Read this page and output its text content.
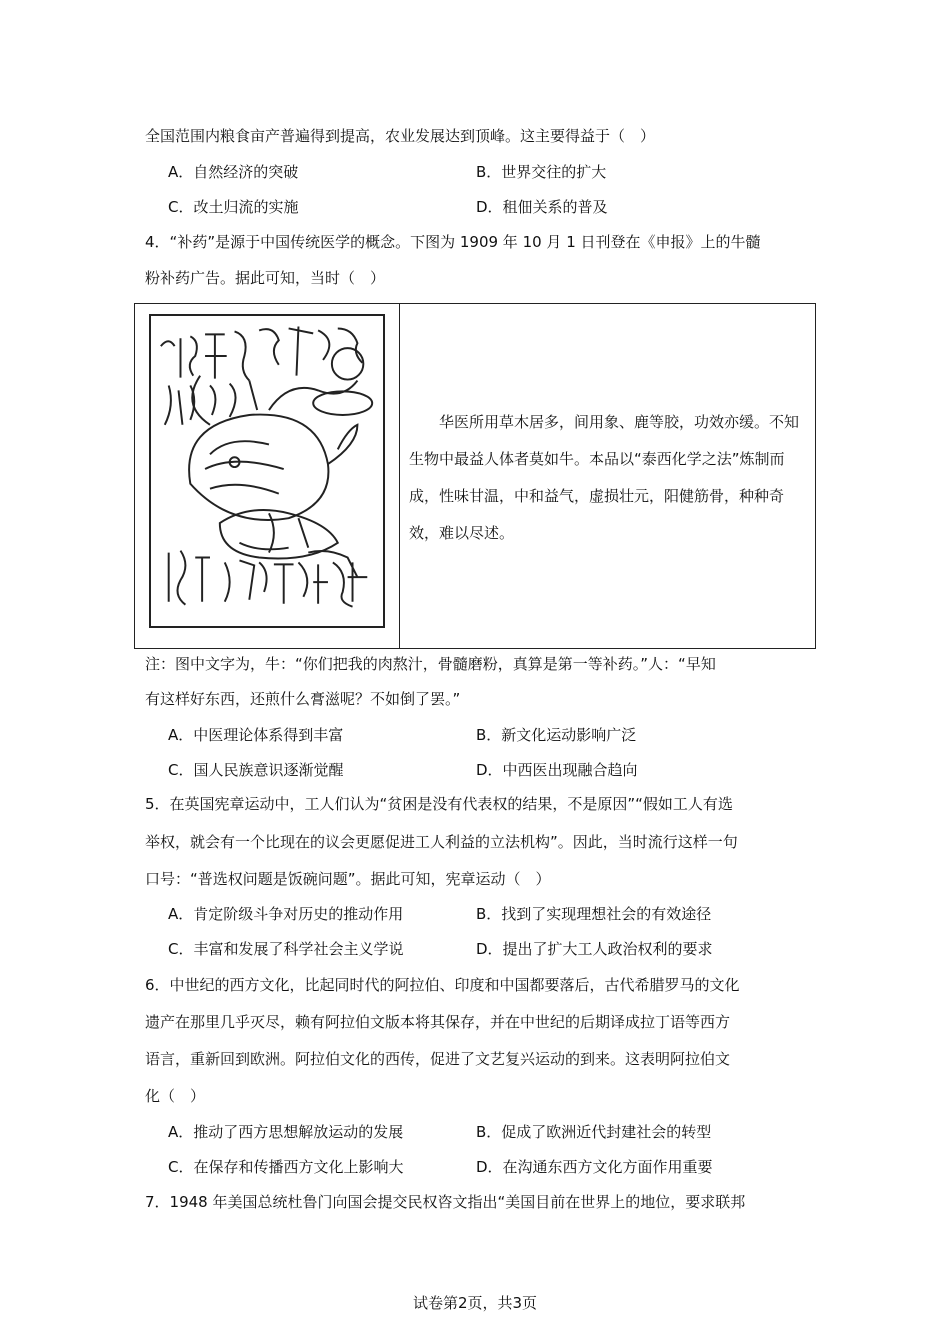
全国范围内粮食亩产普遍得到提高，农业发展达到顶峰。这主要得益于（　）
A．自然经济的突破	B．世界交往的扩大
C．改土归流的实施	D．租佃关系的普及
4．“补药”是源于中国传统医学的概念。下图为 1909 年 10 月 1 日刊登在《申报》上的牛髓
粉补药广告。据此可知，当时（　）

华医所用草木居多，间用象、鹿等胶，功效亦缓。不知生物中最益人体者莫如牛。本品以“泰西化学之法”炼制而成，性味甘温，中和益气，虚损壮元，阳健筋骨，种种奇效，难以尽述。

注：图中文字为，牛：“你们把我的肉熬汁，骨髓磨粉，真算是第一等补药。”人：“早知
有这样好东西，还煎什么膏滋呢？不如倒了罢。”
A．中医理论体系得到丰富	B．新文化运动影响广泛
C．国人民族意识逐渐觉醒	D．中西医出现融合趋向
5．在英国宪章运动中，工人们认为“贫困是没有代表权的结果，不是原因”“假如工人有选
举权，就会有一个比现在的议会更愿促进工人利益的立法机构”。因此，当时流行这样一句
口号：“普选权问题是饭碗问题”。据此可知，宪章运动（　）
A．肯定阶级斗争对历史的推动作用	B．找到了实现理想社会的有效途径
C．丰富和发展了科学社会主义学说	D．提出了扩大工人政治权利的要求
6．中世纪的西方文化，比起同时代的阿拉伯、印度和中国都要落后，古代希腊罗马的文化
遗产在那里几乎灭尽，赖有阿拉伯文版本将其保存，并在中世纪的后期译成拉丁语等西方
语言，重新回到欧洲。阿拉伯文化的西传，促进了文艺复兴运动的到来。这表明阿拉伯文
化（　）
A．推动了西方思想解放运动的发展	B．促成了欧洲近代封建社会的转型
C．在保存和传播西方文化上影响大	D．在沟通东西方文化方面作用重要
7．1948 年美国总统杜鲁门向国会提交民权咨文指出“美国目前在世界上的地位，要求联邦
试卷第2页，共3页
